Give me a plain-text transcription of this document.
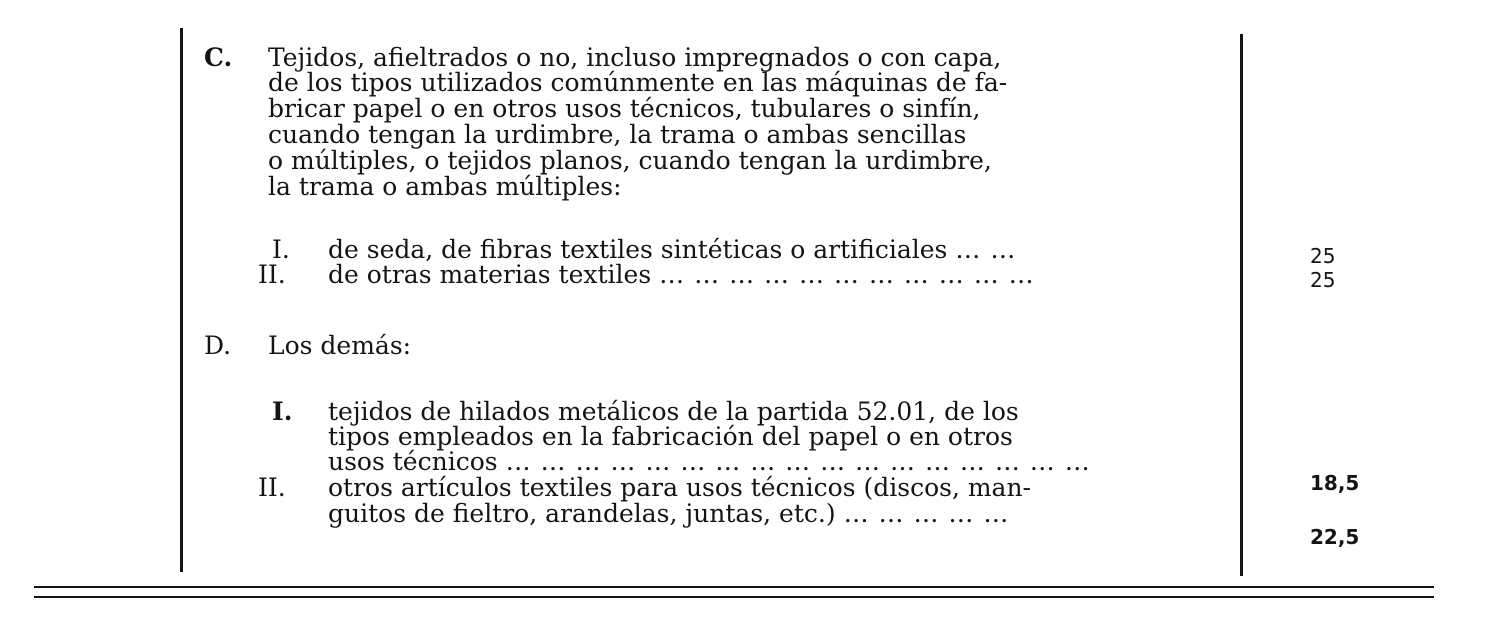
C. Tejidos, afieltrados o no, incluso impregnados o con capa,
de los tipos utilizados comúnmente en las máquinas de fa-
bricar papel o en otros usos técnicos, tubulares o sinfín,
cuando tengan la urdimbre, la trama o ambas sencillas
o múltiples, o tejidos planos, cuando tengan la urdimbre,
la trama o ambas múltiples:
I. de seda, de fibras textiles sintéticas o artificiales … …	25
II. de otras materias textiles … … … … … … … … … … …	25
D. Los demás:
I. tejidos de hilados metálicos de la partida 52.01, de los
tipos empleados en la fabricación del papel o en otros
usos técnicos … … … … … … … … … … … … … … … … …
18,5
II. otros artículos textiles para usos técnicos (discos, man-
guitos de fieltro, arandelas, juntas, etc.) … … … … …
22,5
